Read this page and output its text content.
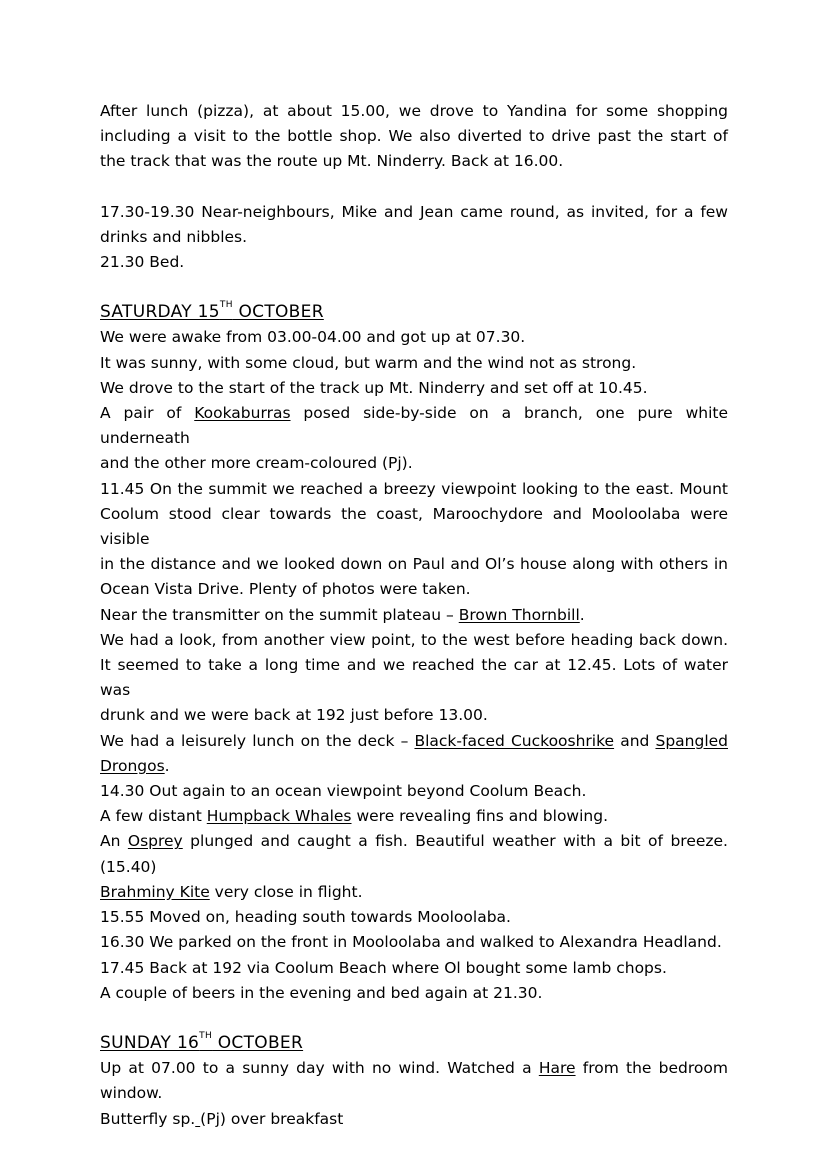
After lunch (pizza), at about 15.00, we drove to Yandina for some shopping
including a visit to the bottle shop. We also diverted to drive past the start of
the track that was the route up Mt. Ninderry. Back at 16.00.
17.30-19.30 Near-neighbours, Mike and Jean came round, as invited, for a few
drinks and nibbles.
21.30 Bed.
SATURDAY 15TH OCTOBER
We were awake from 03.00-04.00 and got up at 07.30.
It was sunny, with some cloud, but warm and the wind not as strong.
We drove to the start of the track up Mt. Ninderry and set off at 10.45.
A pair of Kookaburras posed side-by-side on a branch, one pure white underneath
and the other more cream-coloured (Pj).
11.45 On the summit we reached a breezy viewpoint looking to the east. Mount
Coolum stood clear towards the coast, Maroochydore and Mooloolaba were visible
in the distance and we looked down on Paul and Ol’s house along with others in
Ocean Vista Drive. Plenty of photos were taken.
Near the transmitter on the summit plateau – Brown Thornbill.
We had a look, from another view point, to the west before heading back down.
It seemed to take a long time and we reached the car at 12.45. Lots of water was
drunk and we were back at 192 just before 13.00.
We had a leisurely lunch on the deck – Black-faced Cuckooshrike and Spangled
Drongos.
14.30 Out again to an ocean viewpoint beyond Coolum Beach.
A few distant Humpback Whales were revealing fins and blowing.
An Osprey plunged and caught a fish. Beautiful weather with a bit of breeze.
(15.40)
Brahminy Kite very close in flight.
15.55 Moved on, heading south towards Mooloolaba.
16.30 We parked on the front in Mooloolaba and walked to Alexandra Headland.
17.45 Back at 192 via Coolum Beach where Ol bought some lamb chops.
A couple of beers in the evening and bed again at 21.30.
SUNDAY 16TH OCTOBER
Up at 07.00 to a sunny day with no wind. Watched a Hare from the bedroom
window.
Butterfly sp. (Pj) over breakfast
